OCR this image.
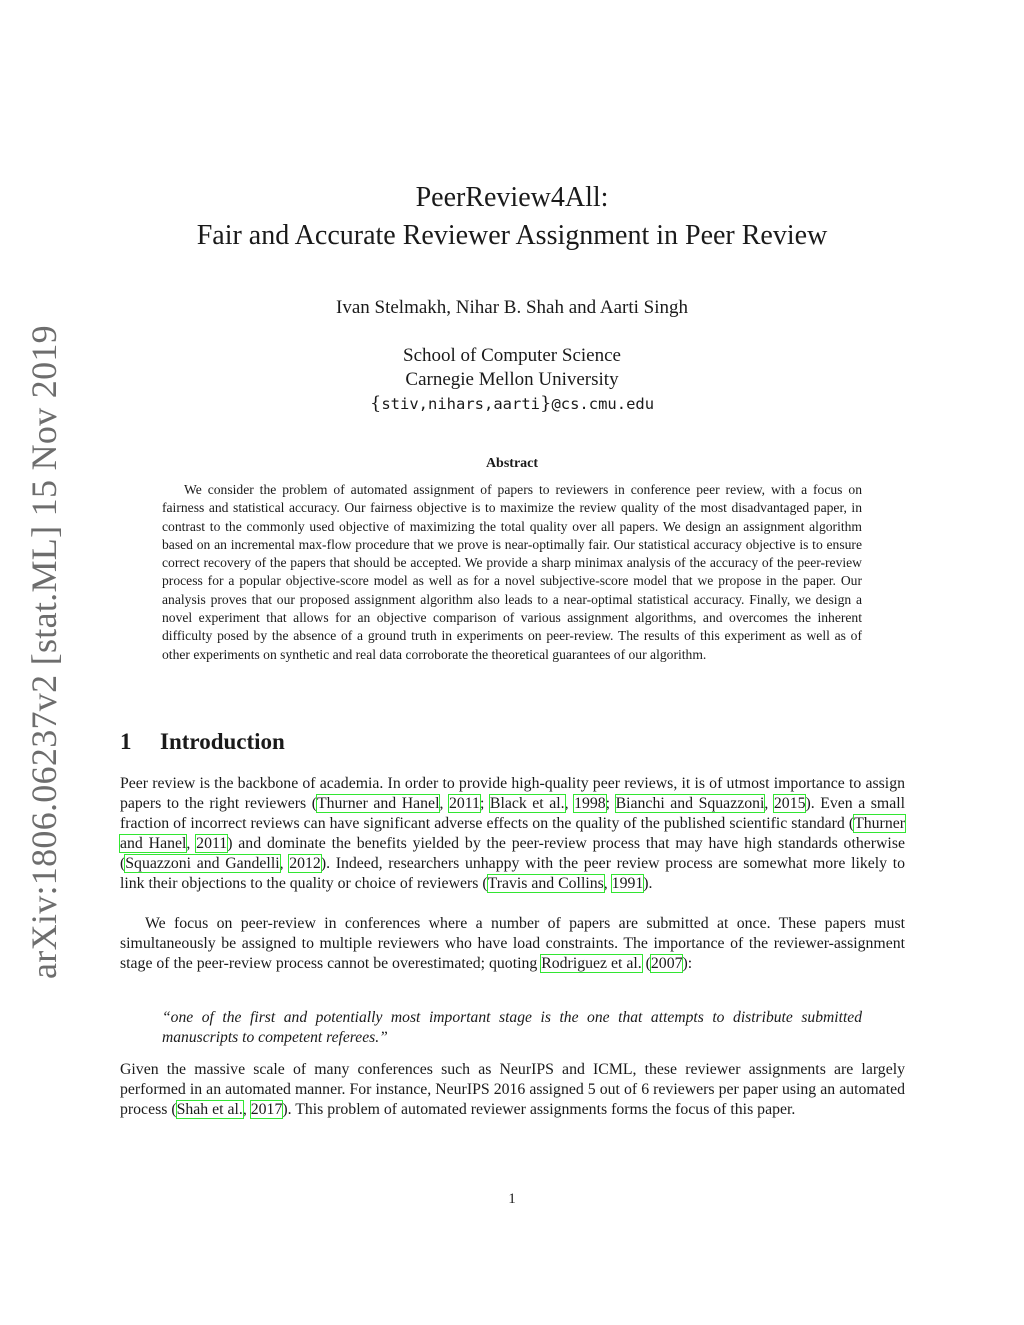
arXiv:1806.06237v2 [stat.ML] 15 Nov 2019
PeerReview4All:
Fair and Accurate Reviewer Assignment in Peer Review
Ivan Stelmakh, Nihar B. Shah and Aarti Singh
School of Computer Science
Carnegie Mellon University
{stiv,nihars,aarti}@cs.cmu.edu
Abstract

We consider the problem of automated assignment of papers to reviewers in conference peer review, with a focus on fairness and statistical accuracy. Our fairness objective is to maximize the review quality of the most disadvantaged paper, in contrast to the commonly used objective of maximizing the total quality over all papers. We design an assignment algorithm based on an incremental max-flow procedure that we prove is near-optimally fair. Our statistical accuracy objective is to ensure correct recovery of the papers that should be accepted. We provide a sharp minimax analysis of the accuracy of the peer-review process for a popular objective-score model as well as for a novel subjective-score model that we propose in the paper. Our analysis proves that our proposed assignment algorithm also leads to a near-optimal statistical accuracy. Finally, we design a novel experiment that allows for an objective comparison of various assignment algorithms, and overcomes the inherent difficulty posed by the absence of a ground truth in experiments on peer-review. The results of this experiment as well as of other experiments on synthetic and real data corroborate the theoretical guarantees of our algorithm.

1 Introduction

Peer review is the backbone of academia. In order to provide high-quality peer reviews, it is of utmost importance to assign papers to the right reviewers (Thurner and Hanel, 2011; Black et al., 1998; Bianchi and Squazzoni, 2015). Even a small fraction of incorrect reviews can have significant adverse effects on the quality of the published scientific standard (Thurner and Hanel, 2011) and dominate the benefits yielded by the peer-review process that may have high standards otherwise (Squazzoni and Gandelli, 2012). Indeed, researchers unhappy with the peer review process are somewhat more likely to link their objections to the quality or choice of reviewers (Travis and Collins, 1991).

We focus on peer-review in conferences where a number of papers are submitted at once. These papers must simultaneously be assigned to multiple reviewers who have load constraints. The importance of the reviewer-assignment stage of the peer-review process cannot be overestimated; quoting Rodriguez et al. (2007):

“one of the first and potentially most important stage is the one that attempts to distribute submitted manuscripts to competent referees.”

Given the massive scale of many conferences such as NeurIPS and ICML, these reviewer assignments are largely performed in an automated manner. For instance, NeurIPS 2016 assigned 5 out of 6 reviewers per paper using an automated process (Shah et al., 2017). This problem of automated reviewer assignments forms the focus of this paper.

1
